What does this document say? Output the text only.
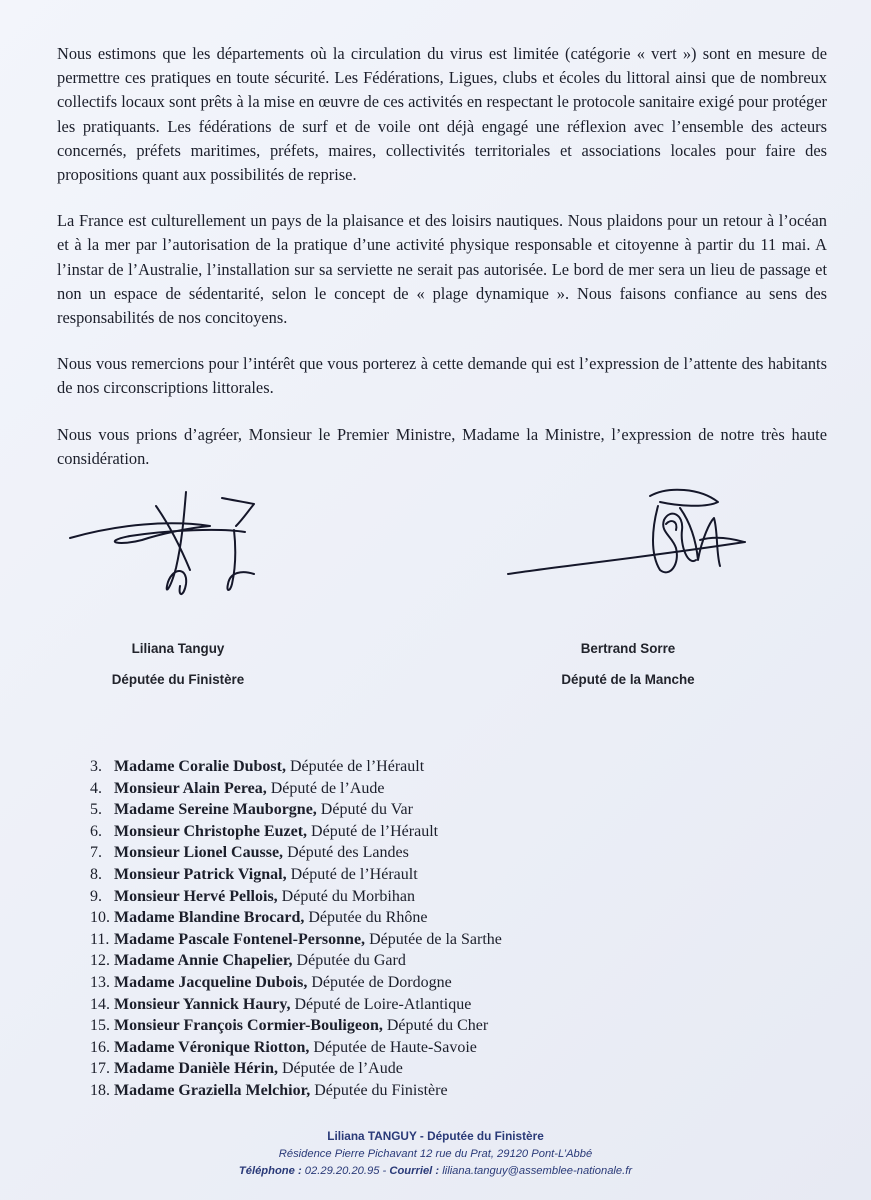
Nous estimons que les départements où la circulation du virus est limitée (catégorie « vert ») sont en mesure de permettre ces pratiques en toute sécurité. Les Fédérations, Ligues, clubs et écoles du littoral ainsi que de nombreux collectifs locaux sont prêts à la mise en œuvre de ces activités en respectant le protocole sanitaire exigé pour protéger les pratiquants. Les fédérations de surf et de voile ont déjà engagé une réflexion avec l’ensemble des acteurs concernés, préfets maritimes, préfets, maires, collectivités territoriales et associations locales pour faire des propositions quant aux possibilités de reprise.

La France est culturellement un pays de la plaisance et des loisirs nautiques. Nous plaidons pour un retour à l’océan et à la mer par l’autorisation de la pratique d’une activité physique responsable et citoyenne à partir du 11 mai. A l’instar de l’Australie, l’installation sur sa serviette ne serait pas autorisée. Le bord de mer sera un lieu de passage et non un espace de sédentarité, selon le concept de « plage dynamique ». Nous faisons confiance au sens des responsabilités de nos concitoyens.

Nous vous remercions pour l’intérêt que vous porterez à cette demande qui est l’expression de l’attente des habitants de nos circonscriptions littorales.

Nous vous prions d’agréer, Monsieur le Premier Ministre, Madame la Ministre, l’expression de notre très haute considération.

Liliana Tanguy
Députée du Finistère
Bertrand Sorre
Député de la Manche
3. Madame Coralie Dubost, Députée de l’Hérault
4. Monsieur Alain Perea, Député de l’Aude
5. Madame Sereine Mauborgne, Député du Var
6. Monsieur Christophe Euzet, Député de l’Hérault
7. Monsieur Lionel Causse, Député des Landes
8. Monsieur Patrick Vignal, Député de l’Hérault
9. Monsieur Hervé Pellois, Député du Morbihan
10. Madame Blandine Brocard, Députée du Rhône
11. Madame Pascale Fontenel-Personne, Députée de la Sarthe
12. Madame Annie Chapelier, Députée du Gard
13. Madame Jacqueline Dubois, Députée de Dordogne
14. Monsieur Yannick Haury, Député de Loire-Atlantique
15. Monsieur François Cormier-Bouligeon, Député du Cher
16. Madame Véronique Riotton, Députée de Haute-Savoie
17. Madame Danièle Hérin, Députée de l’Aude
18. Madame Graziella Melchior, Députée du Finistère
Liliana TANGUY - Députée du Finistère
Résidence Pierre Pichavant 12 rue du Prat, 29120 Pont-L’Abbé
Téléphone : 02.29.20.20.95 - Courriel : liliana.tanguy@assemblee-nationale.fr
